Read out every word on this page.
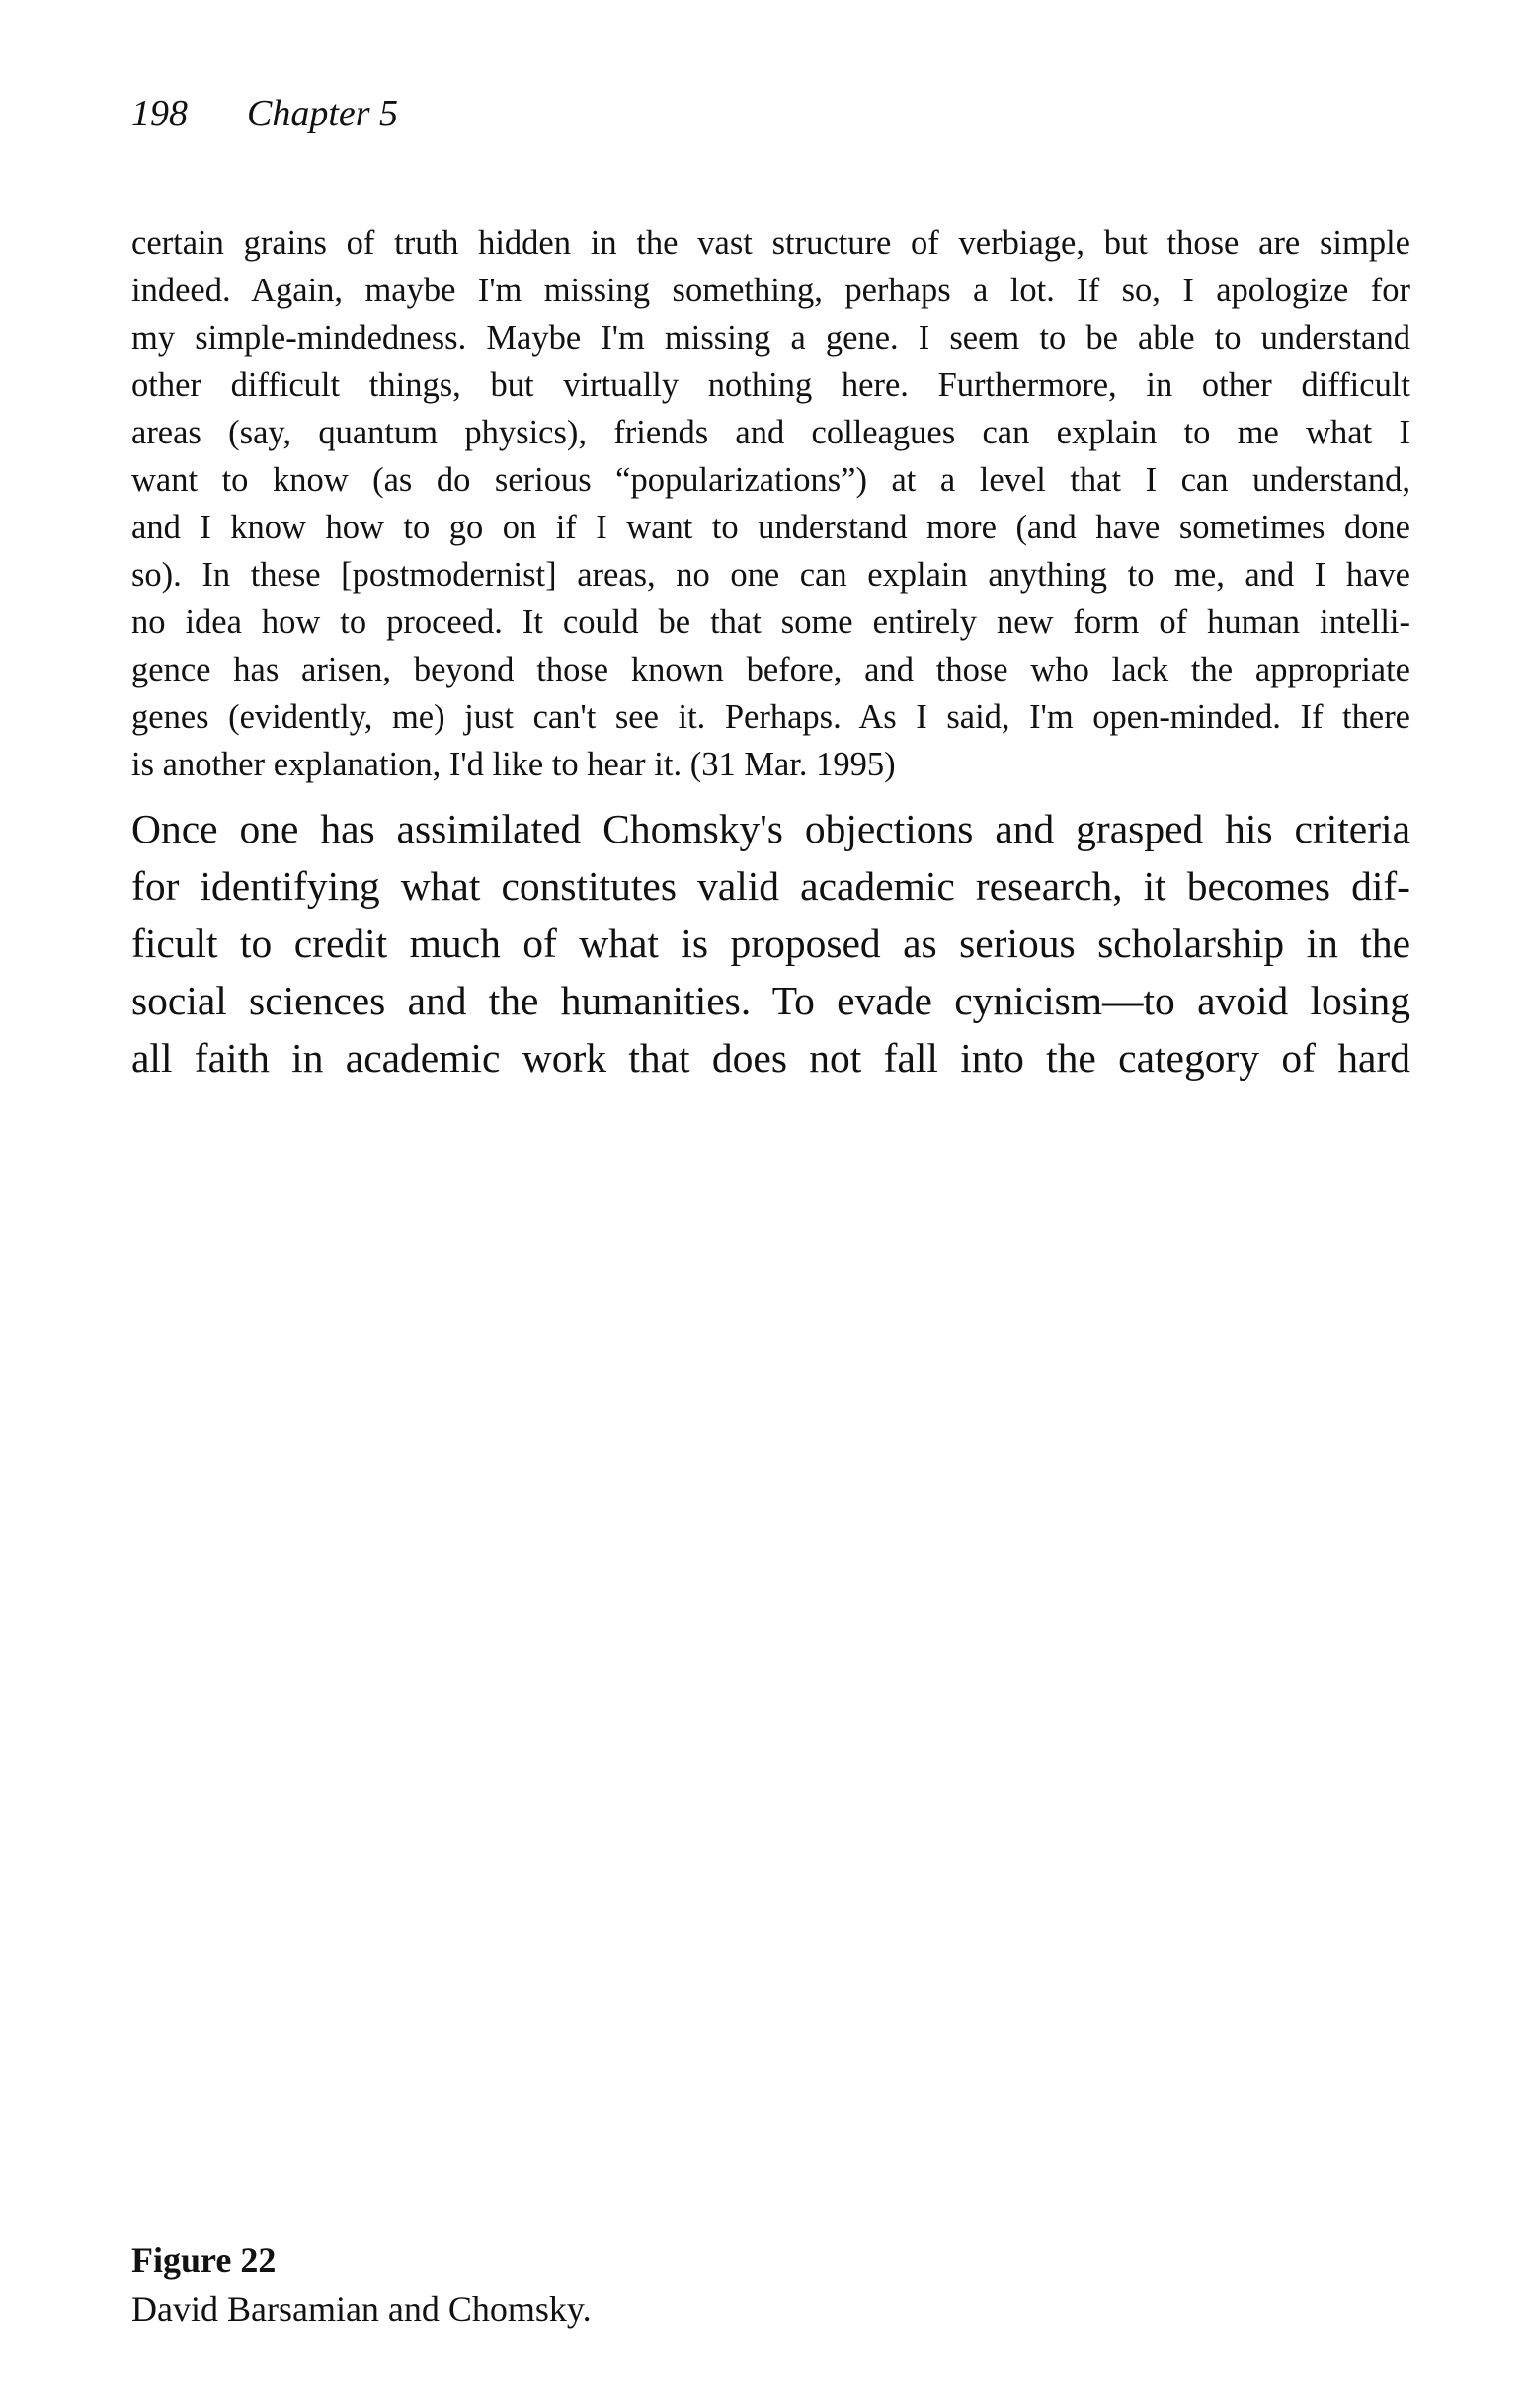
198 Chapter 5
certain grains of truth hidden in the vast structure of verbiage, but those are simple
indeed. Again, maybe I'm missing something, perhaps a lot. If so, I apologize for
my simple-mindedness. Maybe I'm missing a gene. I seem to be able to understand
other difficult things, but virtually nothing here. Furthermore, in other difficult
areas (say, quantum physics), friends and colleagues can explain to me what I
want to know (as do serious “popularizations”) at a level that I can understand,
and I know how to go on if I want to understand more (and have sometimes done
so). In these [postmodernist] areas, no one can explain anything to me, and I have
no idea how to proceed. It could be that some entirely new form of human intelli-
gence has arisen, beyond those known before, and those who lack the appropriate
genes (evidently, me) just can't see it. Perhaps. As I said, I'm open-minded. If there
is another explanation, I'd like to hear it. (31 Mar. 1995)
Once one has assimilated Chomsky's objections and grasped his criteria
for identifying what constitutes valid academic research, it becomes dif-
ficult to credit much of what is proposed as serious scholarship in the
social sciences and the humanities. To evade cynicism—to avoid losing
all faith in academic work that does not fall into the category of hard
Figure 22
David Barsamian and Chomsky.
